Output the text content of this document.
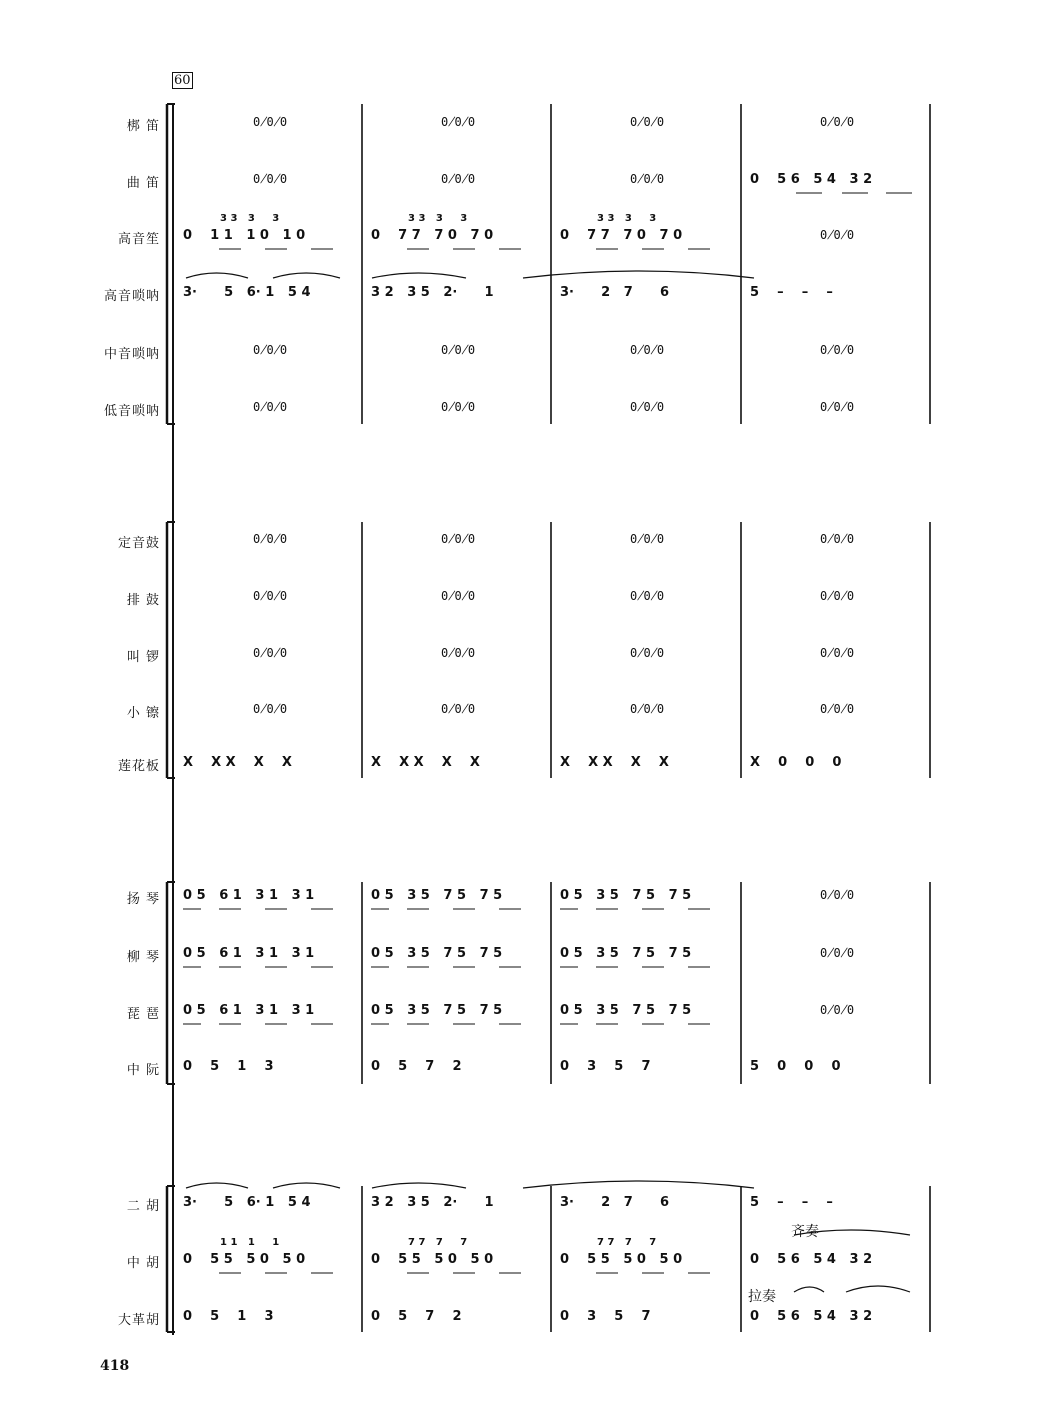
60
418
齐奏
拉奏
梆 笛	0̸0̸0	0̸0̸0	0̸0̸0	0̸0̸0
曲 笛	0̸0̸0	0̸0̸0	0̸0̸0	0    5 6   5 4   3 2
高音笙 0    1 1   1 0   1 0	0    7 7   7 0   7 0	0    7 7   7 0   7 0	0̸0̸0
高音唢呐 3·      5   6· 1   5 4	3 2   3 5   2·      1	3·      2   7      6	5    –    –    –
中音唢呐	0̸0̸0	0̸0̸0	0̸0̸0	0̸0̸0
低音唢呐	0̸0̸0	0̸0̸0	0̸0̸0	0̸0̸0
定音鼓	0̸0̸0	0̸0̸0	0̸0̸0	0̸0̸0
排 鼓	0̸0̸0	0̸0̸0	0̸0̸0	0̸0̸0
叫 锣	0̸0̸0	0̸0̸0	0̸0̸0	0̸0̸0
小 镲	0̸0̸0	0̸0̸0	0̸0̸0	0̸0̸0
莲花板 X    X X    X    X	X    X X    X    X	X    X X    X    X	X    0    0    0
扬 琴 0 5   6 1   3 1   3 1	0 5   3 5   7 5   7 5	0 5   3 5   7 5   7 5	0̸0̸0
柳 琴 0 5   6 1   3 1   3 1	0 5   3 5   7 5   7 5	0 5   3 5   7 5   7 5	0̸0̸0
琵 琶 0 5   6 1   3 1   3 1	0 5   3 5   7 5   7 5	0 5   3 5   7 5   7 5	0̸0̸0
中 阮 0    5    1    3	0    5    7    2	0    3    5    7	5    0    0    0
二 胡 3·      5   6· 1   5 4	3 2   3 5   2·      1	3·      2   7      6	5    –    –    –
中 胡 0    5 5   5 0   5 0	0    5 5   5 0   5 0	0    5 5   5 0   5 0	0    5 6   5 4   3 2
大革胡 0    5    1    3	0    5    7    2	0    3    5    7	0    5 6   5 4   3 2
3 3   3     3	3 3   3     3	3 3   3     3
1 1   1     1	7 7   7     7	7 7   7     7
